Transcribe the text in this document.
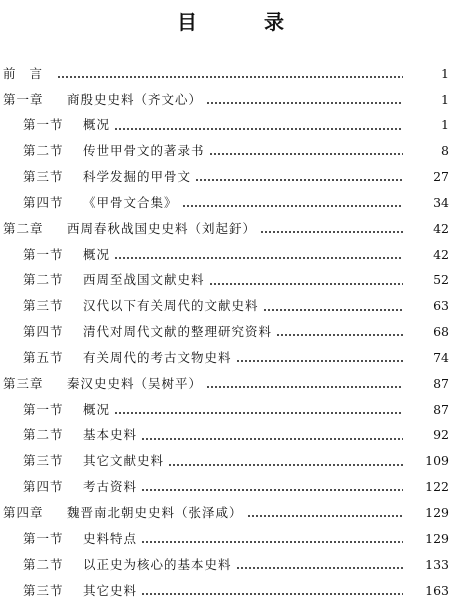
目 录
前言	1
第一章	商殷史史料（齐文心）	1
第一节	概况	1
第二节	传世甲骨文的著录书	8
第三节	科学发掘的甲骨文	27
第四节	《甲骨文合集》	34
第二章	西周春秋战国史史料（刘起釪）	42
第一节	概况	42
第二节	西周至战国文献史料	52
第三节	汉代以下有关周代的文献史料	63
第四节	清代对周代文献的整理研究资料	68
第五节	有关周代的考古文物史料	74
第三章	秦汉史史料（吴树平）	87
第一节	概况	87
第二节	基本史料	92
第三节	其它文献史料	109
第四节	考古资料	122
第四章	魏晋南北朝史史料（张泽咸）	129
第一节	史料特点	129
第二节	以正史为核心的基本史料	133
第三节	其它史料	163
